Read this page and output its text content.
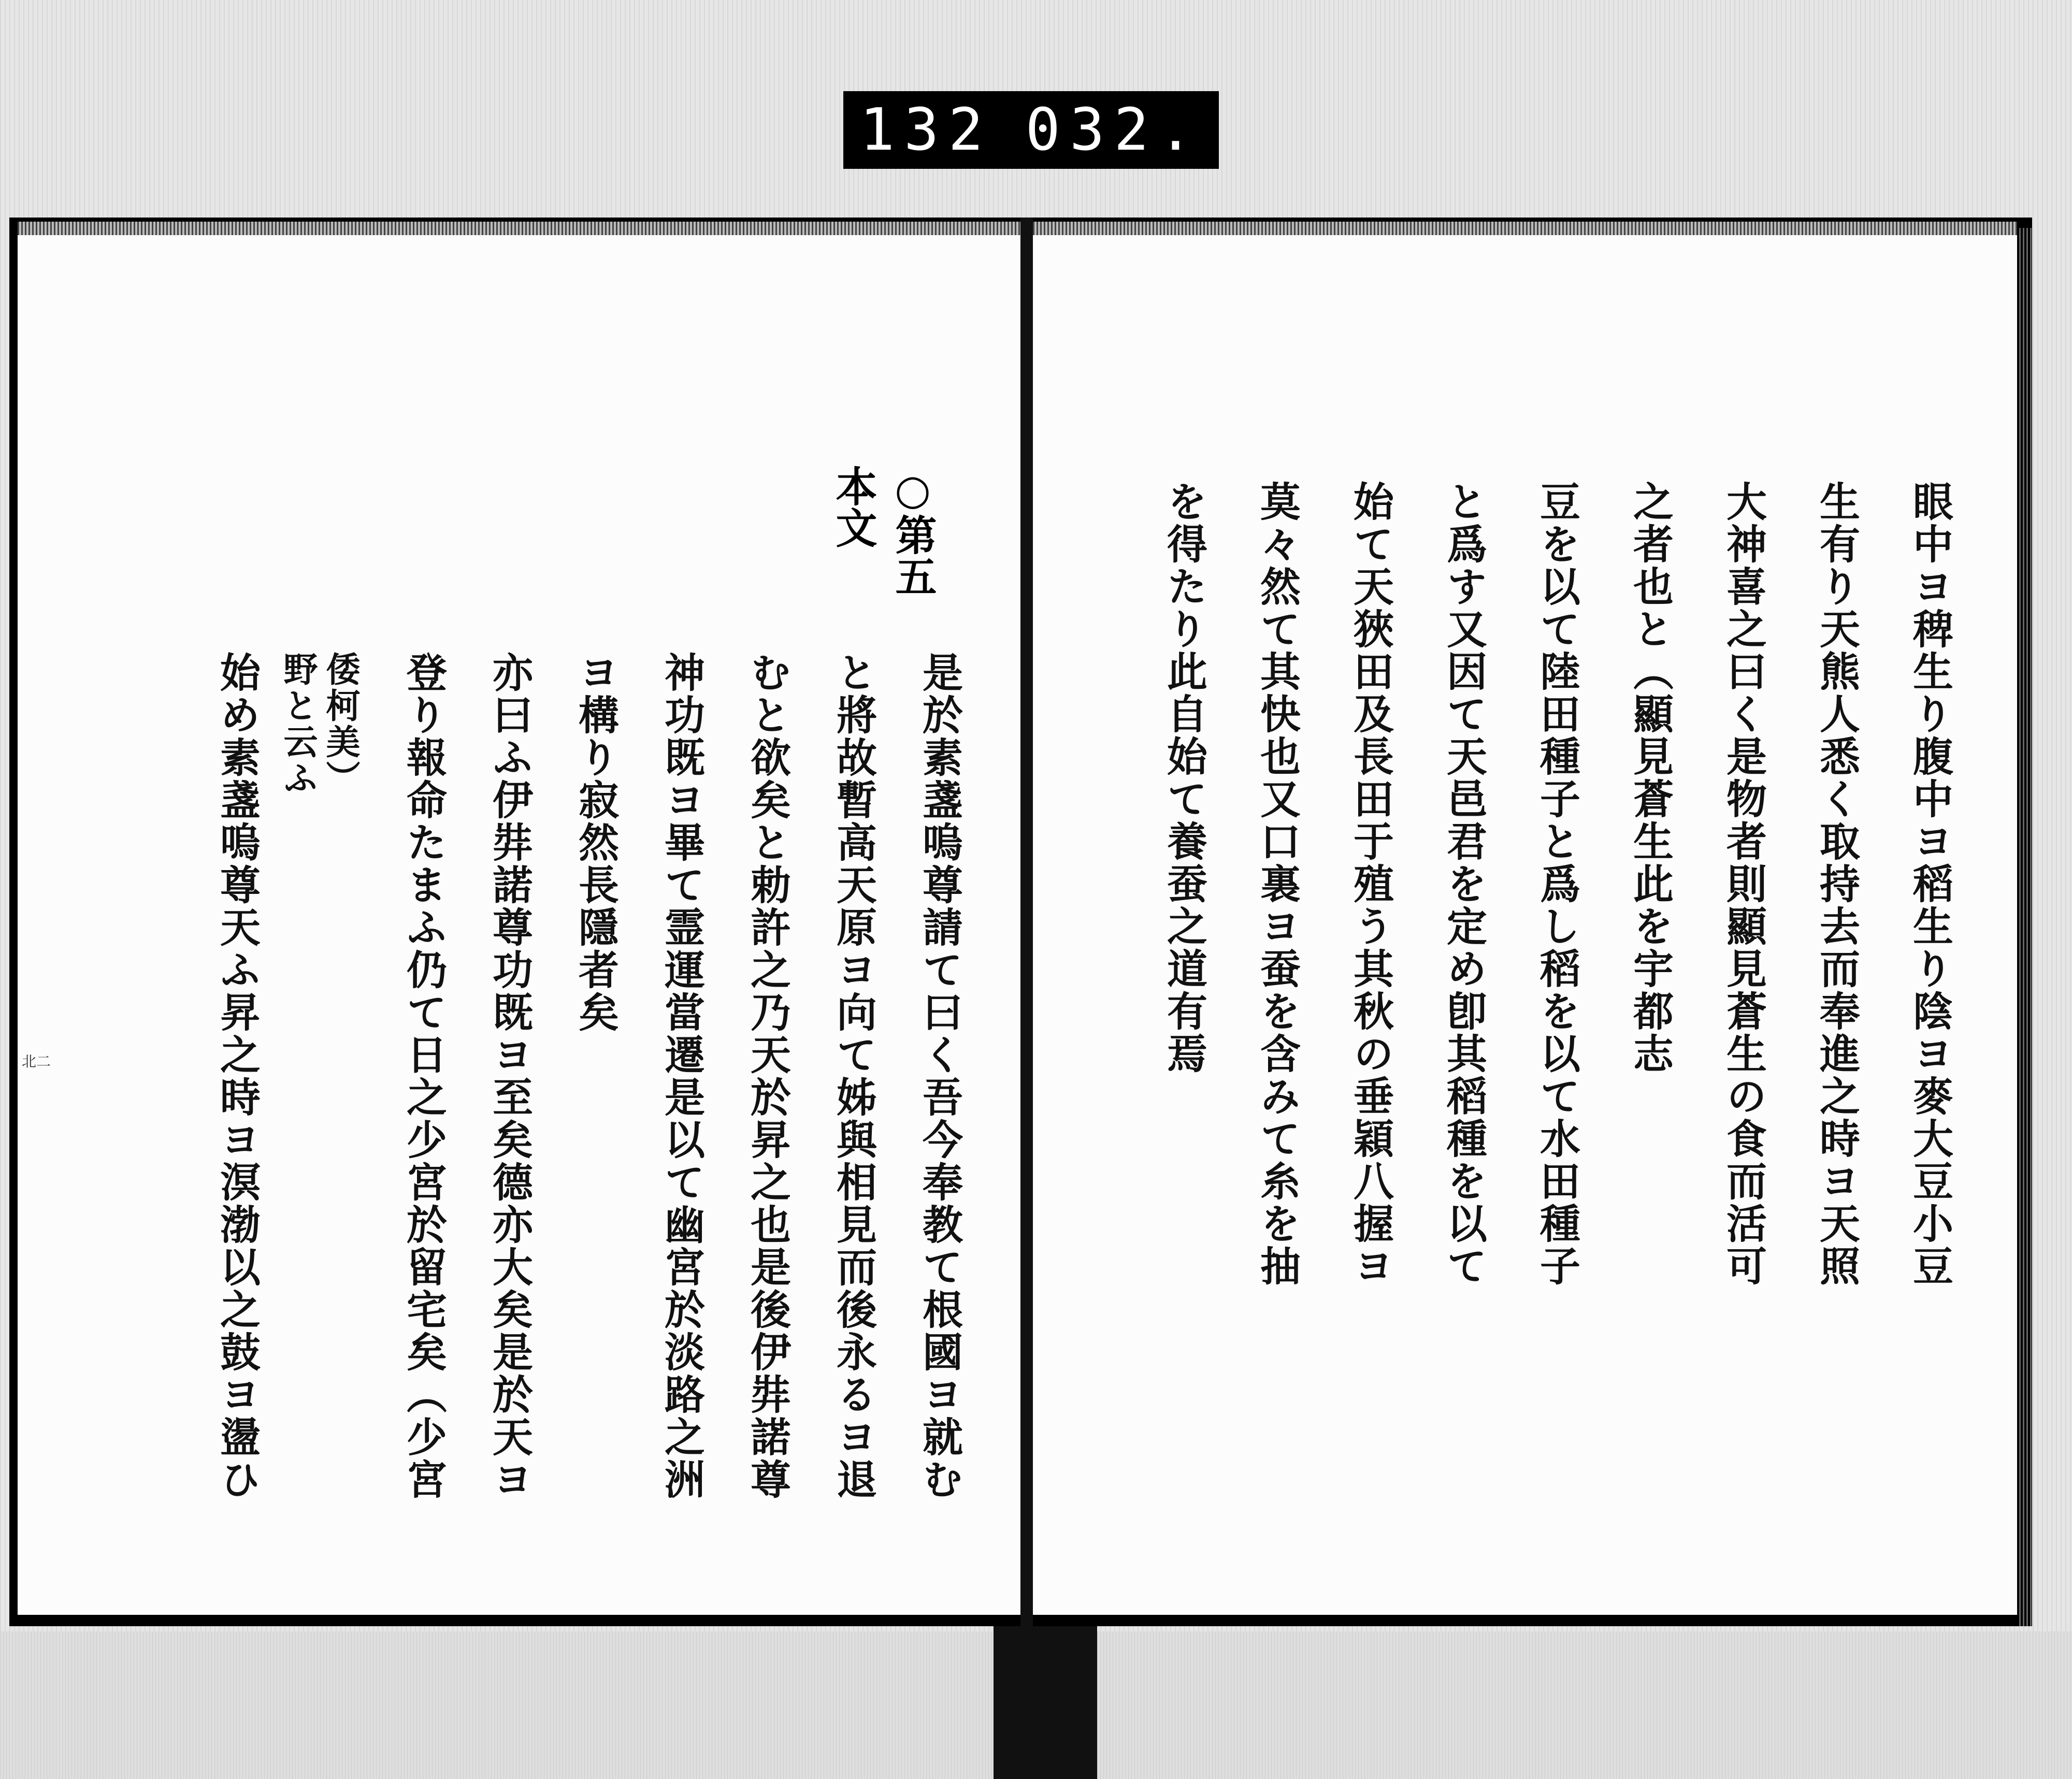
132 032.
北二
○第五本文
是於素盞嗚尊請て曰く吾今奉教て根國ヨ就む
と將故暫高天原ヨ向て姊與相見而後永るヨ退
むと欲矣と勅許之乃天於昇之也是後伊弉諾尊
神功既ヨ畢て霊運當遷是以て幽宮於淡路之洲
ヨ構り寂然長隱者矣
亦曰ふ伊弉諾尊功既ヨ至矣德亦大矣是於天ヨ
登り報命たまふ仍て日之少宮於留宅矣（少宮
倭柯美）
野と云ふ
始め素盞嗚尊天ふ昇之時ヨ溟渤以之鼓ヨ盪ひ	眼中ヨ稗生り腹中ヨ稻生り陰ヨ麥大豆小豆
生有り天熊人悉く取持去而奉進之時ヨ天照
大神喜之曰く是物者則顯見蒼生の食而活可
之者也と（顯見蒼生此を宇都志
豆を以て陸田種子と爲し稻を以て水田種子
と爲す又因て天邑君を定め卽其稻種を以て
始て天狹田及長田于殖う其秋の垂穎八握ヨ
莫々然て其快也又口裏ヨ蚕を含みて糸を抽
を得たり此自始て養蚕之道有焉
